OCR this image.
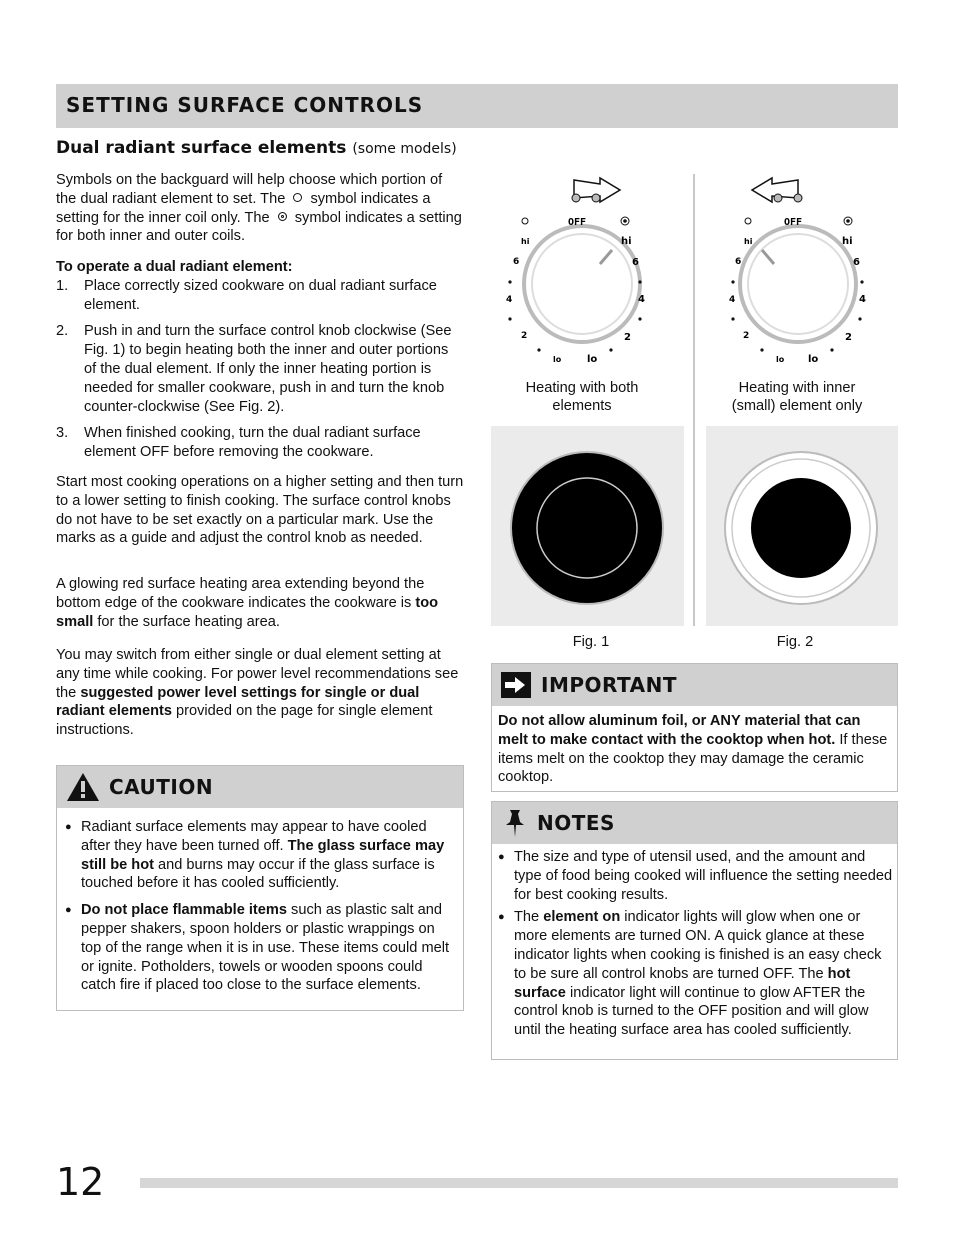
SETTING SURFACE CONTROLS
Dual radiant surface elements (some models)

Symbols on the backguard will help choose which portion of the dual radiant element to set. The symbol indicates a setting for the inner coil only. The symbol indicates a setting for both inner and outer coils.

To operate a dual radiant element:

1. Place correctly sized cookware on dual radiant surface element.
2. Push in and turn the surface control knob clockwise (See Fig. 1) to begin heating both the inner and outer portions of the dual element. If only the inner heating portion is needed for smaller cookware, push in and turn the knob counter-clockwise (See Fig. 2).
3. When finished cooking, turn the dual radiant surface element OFF before removing the cookware.

Start most cooking operations on a higher setting and then turn to a lower setting to finish cooking. The surface control knobs do not have to be set exactly on a particular mark. Use the marks as a guide and adjust the control knob as needed.

A glowing red surface heating area extending beyond the bottom edge of the cookware indicates the cookware is too small for the surface heating area.

You may switch from either single or dual element setting at any time while cooking. For power level recommendations see the suggested power level settings for single or dual radiant elements provided on the page for single element instructions.

CAUTION
● Radiant surface elements may appear to have cooled after they have been turned off. The glass surface may still be hot and burns may occur if the glass surface is touched before it has cooled sufficiently.
● Do not place flammable items such as plastic salt and pepper shakers, spoon holders or plastic wrappings on top of the range when it is in use. These items could melt or ignite. Potholders, towels or wooden spoons could catch fire if placed too close to the surface elements.
OFF
hi	hi
6	6
4	4
2	2
lo	lo
OFF
hi	hi
6	6
4	4
2	2
lo lo
Heating with both elements
Heating with inner (small) element only
Fig. 1	Fig. 2
IMPORTANT

Do not allow aluminum foil, or ANY material that can melt to make contact with the cooktop when hot. If these items melt on the cooktop they may damage the ceramic cooktop.

NOTES
● The size and type of utensil used, and the amount and type of food being cooked will influence the setting needed for best cooking results.
● The element on indicator lights will glow when one or more elements are turned ON. A quick glance at these indicator lights when cooking is finished is an easy check to be sure all control knobs are turned OFF. The hot surface indicator light will continue to glow AFTER the control knob is turned to the OFF position and will glow until the heating surface area has cooled sufficiently.
12
